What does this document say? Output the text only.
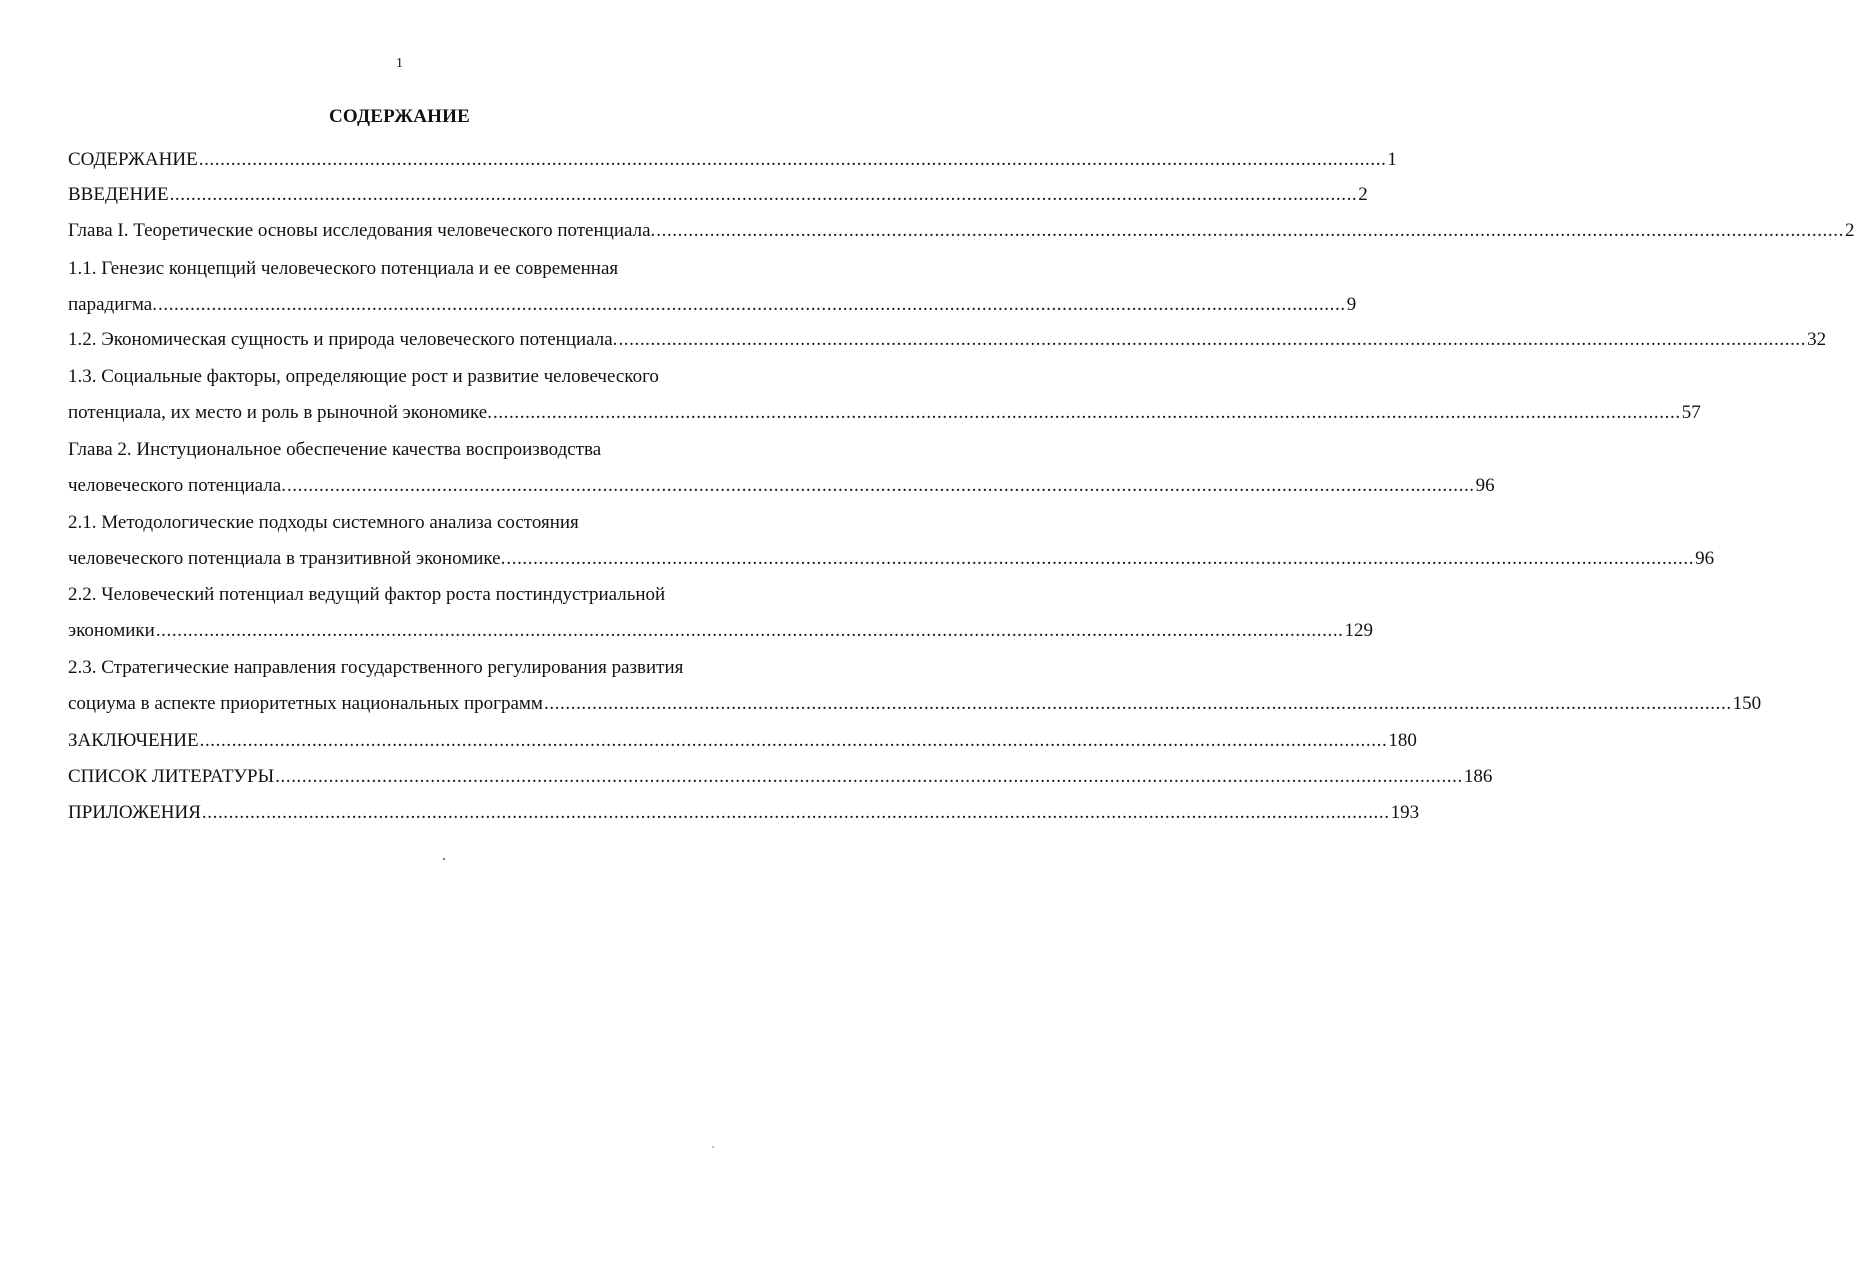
1
СОДЕРЖАНИЕ
СОДЕРЖАНИЕ .....	1
ВВЕДЕНИЕ .....	2
Глава I. Теоретические основы исследования человеческого потенциала. .....	2
1.1. Генезис концепций человеческого потенциала и ее современная
парадигма. .....	9
1.2. Экономическая сущность и природа человеческого потенциала. .....	32
1.3. Социальные факторы, определяющие рост и развитие человеческого
потенциала, их место и роль в рыночной экономике. .....	57
Глава 2. Инстуциональное обеспечение качества воспроизводства
человеческого потенциала. .....	96
2.1. Методологические подходы системного анализа состояния
человеческого потенциала в транзитивной экономике. .....	96
2.2. Человеческий потенциал ведущий фактор роста постиндустриальной
экономики .....	129
2.3. Стратегические направления государственного регулирования развития
социума в аспекте приоритетных национальных программ .....	150
ЗАКЛЮЧЕНИЕ .....	180
СПИСОК ЛИТЕРАТУРЫ .....	186
ПРИЛОЖЕНИЯ .....	193
